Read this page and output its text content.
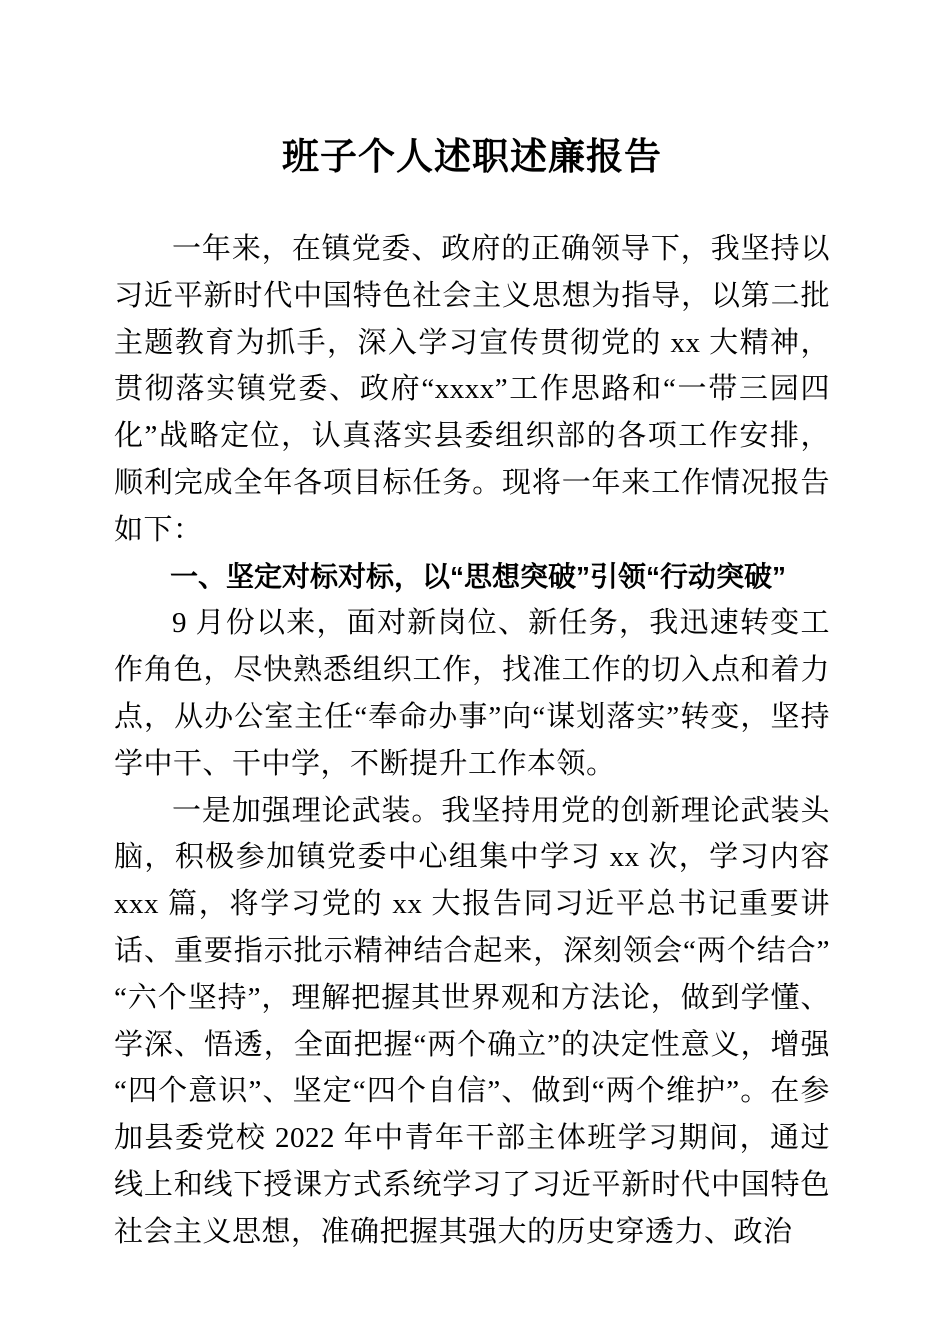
班子个人述职述廉报告

一年来，在镇党委、政府的正确领导下，我坚持以习近平新时代中国特色社会主义思想为指导，以第二批主题教育为抓手，深入学习宣传贯彻党的 xx 大精神，贯彻落实镇党委、政府“xxxx”工作思路和“一带三园四化”战略定位，认真落实县委组织部的各项工作安排，顺利完成全年各项目标任务。现将一年来工作情况报告如下：

一、坚定对标对标，以“思想突破”引领“行动突破”

9 月份以来，面对新岗位、新任务，我迅速转变工作角色，尽快熟悉组织工作，找准工作的切入点和着力点，从办公室主任“奉命办事”向“谋划落实”转变，坚持学中干、干中学，不断提升工作本领。

一是加强理论武装。我坚持用党的创新理论武装头脑，积极参加镇党委中心组集中学习 xx 次，学习内容 xxx 篇，将学习党的 xx 大报告同习近平总书记重要讲话、重要指示批示精神结合起来，深刻领会“两个结合”“六个坚持”，理解把握其世界观和方法论，做到学懂、学深、悟透，全面把握“两个确立”的决定性意义，增强“四个意识”、坚定“四个自信”、做到“两个维护”。在参加县委党校 2022 年中青年干部主体班学习期间，通过线上和线下授课方式系统学习了习近平新时代中国特色社会主义思想，准确把握其强大的历史穿透力、政治
